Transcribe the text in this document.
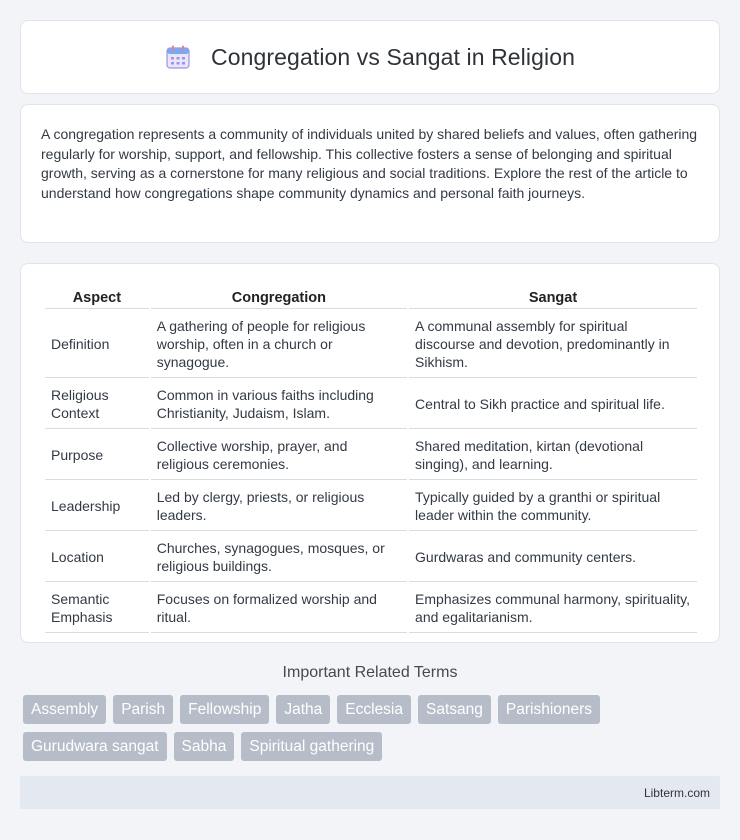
Congregation vs Sangat in Religion

A congregation represents a community of individuals united by shared beliefs and values, often gathering regularly for worship, support, and fellowship. This collective fosters a sense of belonging and spiritual growth, serving as a cornerstone for many religious and social traditions. Explore the rest of the article to understand how congregations shape community dynamics and personal faith journeys.

Aspect	Congregation	Sangat
Definition	A gathering of people for religious worship, often in a church or synagogue.	A communal assembly for spiritual discourse and devotion, predominantly in Sikhism.
Religious Context	Common in various faiths including Christianity, Judaism, Islam.	Central to Sikh practice and spiritual life.
Purpose	Collective worship, prayer, and religious ceremonies.	Shared meditation, kirtan (devotional singing), and learning.
Leadership	Led by clergy, priests, or religious leaders.	Typically guided by a granthi or spiritual leader within the community.
Location	Churches, synagogues, mosques, or religious buildings.	Gurdwaras and community centers.
Semantic Emphasis	Focuses on formalized worship and ritual.	Emphasizes communal harmony, spirituality, and egalitarianism.
Important Related Terms
Assembly	Parish	Fellowship	Jatha	Ecclesia	Satsang	Parishioners
Gurudwara sangat	Sabha	Spiritual gathering
Libterm.com
